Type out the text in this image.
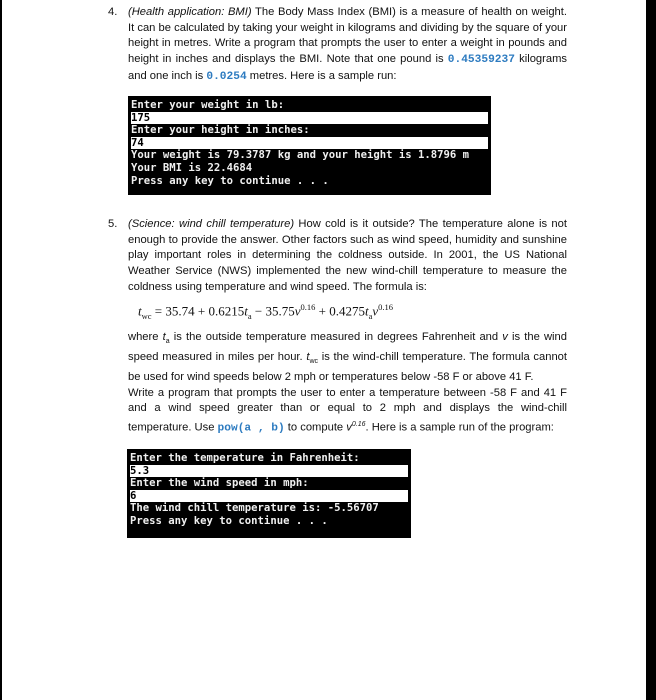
4. (Health application: BMI) The Body Mass Index (BMI) is a measure of health on weight. It can be calculated by taking your weight in kilograms and dividing by the square of your height in metres. Write a program that prompts the user to enter a weight in pounds and height in inches and displays the BMI. Note that one pound is 0.45359237 kilograms and one inch is 0.0254 metres. Here is a sample run:
Enter your weight in lb:
175
Enter your height in inches:
74
Your weight is 79.3787 kg and your height is 1.8796 m
Your BMI is 22.4684
Press any key to continue . . .
5. (Science: wind chill temperature) How cold is it outside? The temperature alone is not enough to provide the answer. Other factors such as wind speed, humidity and sunshine play important roles in determining the coldness outside. In 2001, the US National Weather Service (NWS) implemented the new wind-chill temperature to measure the coldness using temperature and wind speed. The formula is:
$t_{wc} = 35.74 + 0.6215t_a - 35.75v^{0.16} + 0.4275t_av^{0.16}$
where $t_a$ is the outside temperature measured in degrees Fahrenheit and v is the wind speed measured in miles per hour. $t_{wc}$ is the wind-chill temperature. The formula cannot be used for wind speeds below 2 mph or temperatures below -58 F or above 41 F.
Write a program that prompts the user to enter a temperature between -58 F and 41 F and a wind speed greater than or equal to 2 mph and displays the wind-chill temperature. Use pow(a , b) to compute $v^{0.16}$. Here is a sample run of the program:
Enter the temperature in Fahrenheit:
5.3
Enter the wind speed in mph:
6
The wind chill temperature is: -5.56707
Press any key to continue . . .
